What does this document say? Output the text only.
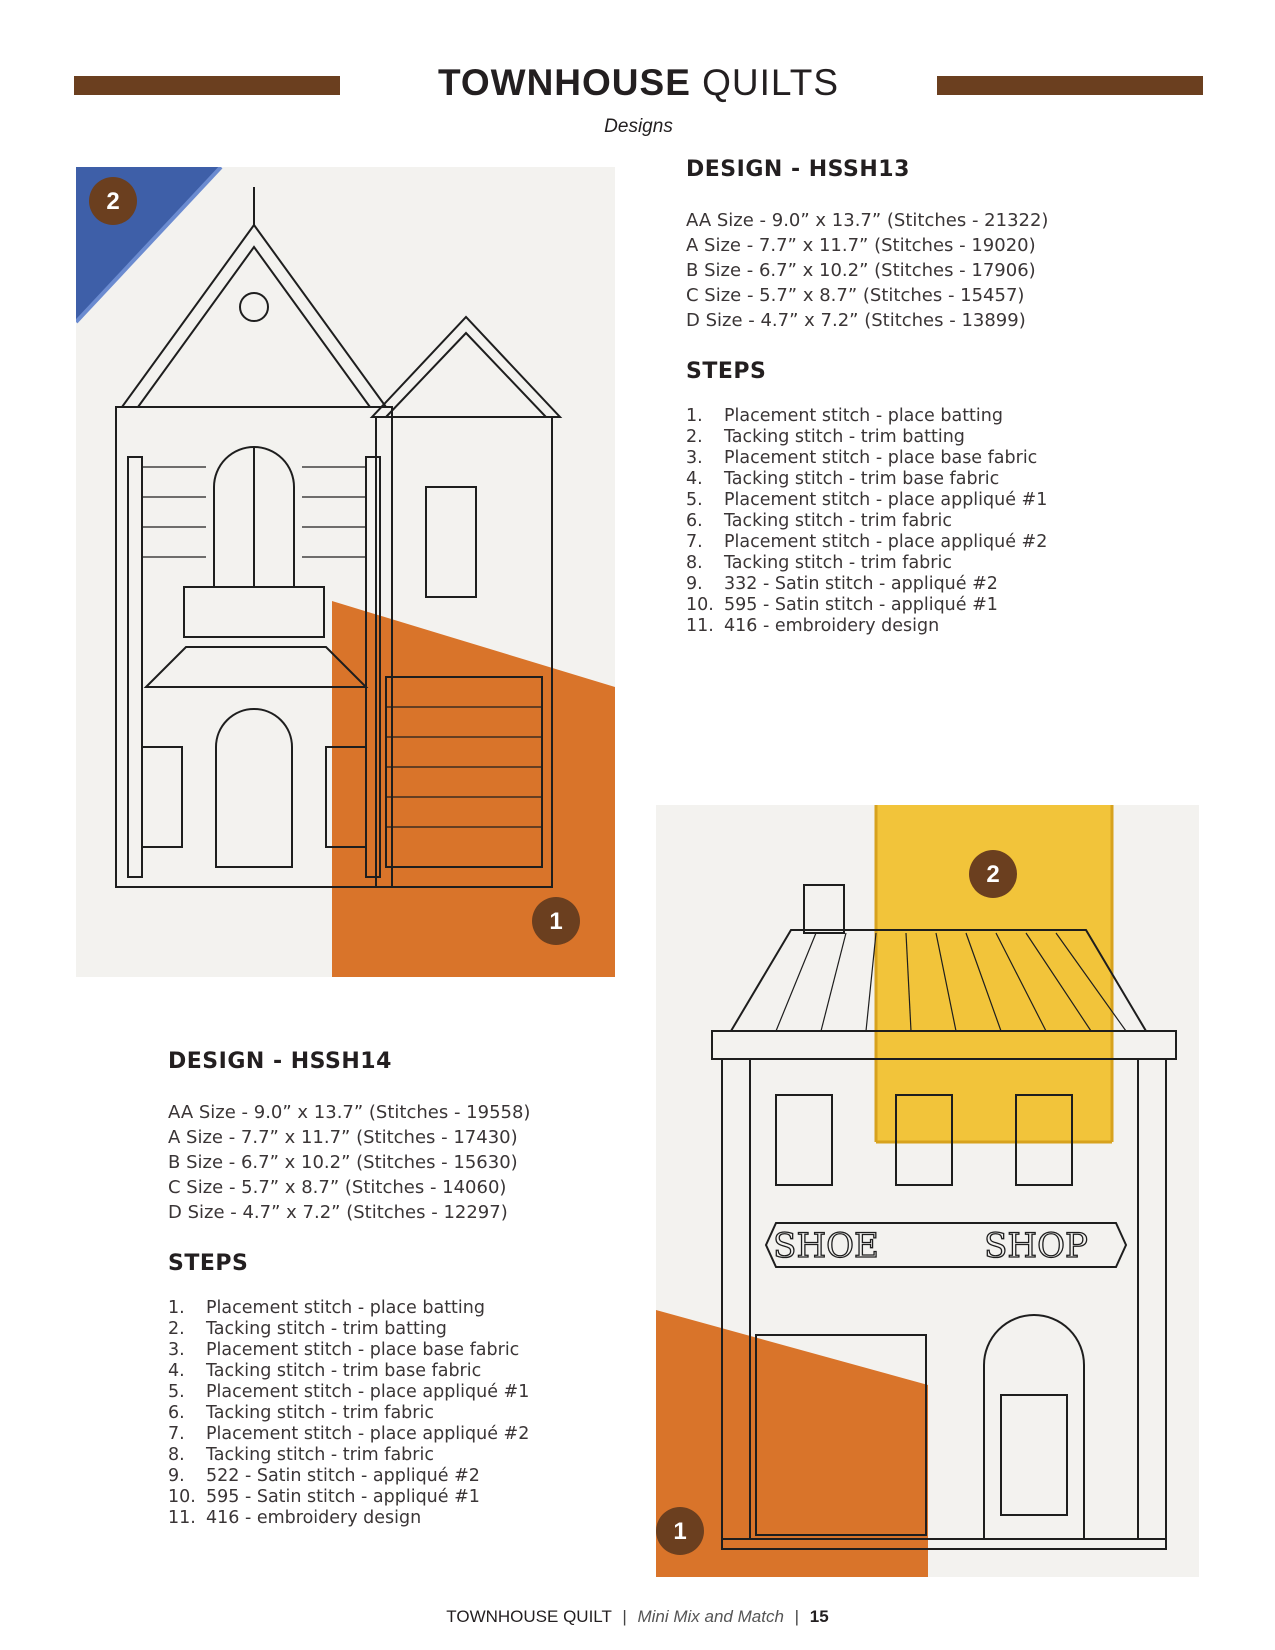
TOWNHOUSE QUILTS
Designs
2
1
DESIGN - HSSH13
AA Size - 9.0” x 13.7” (Stitches - 21322)
A Size - 7.7” x 11.7” (Stitches - 19020)
B Size - 6.7” x 10.2” (Stitches - 17906)
C Size - 5.7” x 8.7” (Stitches - 15457)
D Size - 4.7” x 7.2” (Stitches - 13899)
STEPS
1.	Placement stitch - place batting
2.	Tacking stitch - trim batting
3.	Placement stitch - place base fabric
4.	Tacking stitch - trim base fabric
5.	Placement stitch - place appliqué #1
6.	Tacking stitch - trim fabric
7.	Placement stitch - place appliqué #2
8.	Tacking stitch - trim fabric
9.	332 - Satin stitch - appliqué #2
10. 595 - Satin stitch - appliqué #1
11. 416 - embroidery design
DESIGN - HSSH14
AA Size - 9.0” x 13.7” (Stitches - 19558)
A Size - 7.7” x 11.7” (Stitches - 17430)
B Size - 6.7” x 10.2” (Stitches - 15630)
C Size - 5.7” x 8.7” (Stitches - 14060)
D Size - 4.7” x 7.2” (Stitches - 12297)
STEPS
1.	Placement stitch - place batting
2.	Tacking stitch - trim batting
3.	Placement stitch - place base fabric
4.	Tacking stitch - trim base fabric
5.	Placement stitch - place appliqué #1
6.	Tacking stitch - trim fabric
7.	Placement stitch - place appliqué #2
8.	Tacking stitch - trim fabric
9.	522 - Satin stitch - appliqué #2
10. 595 - Satin stitch - appliqué #1
11. 416 - embroidery design
SHOE	SHOP
2
1
TOWNHOUSE QUILT | Mini Mix and Match | 15
